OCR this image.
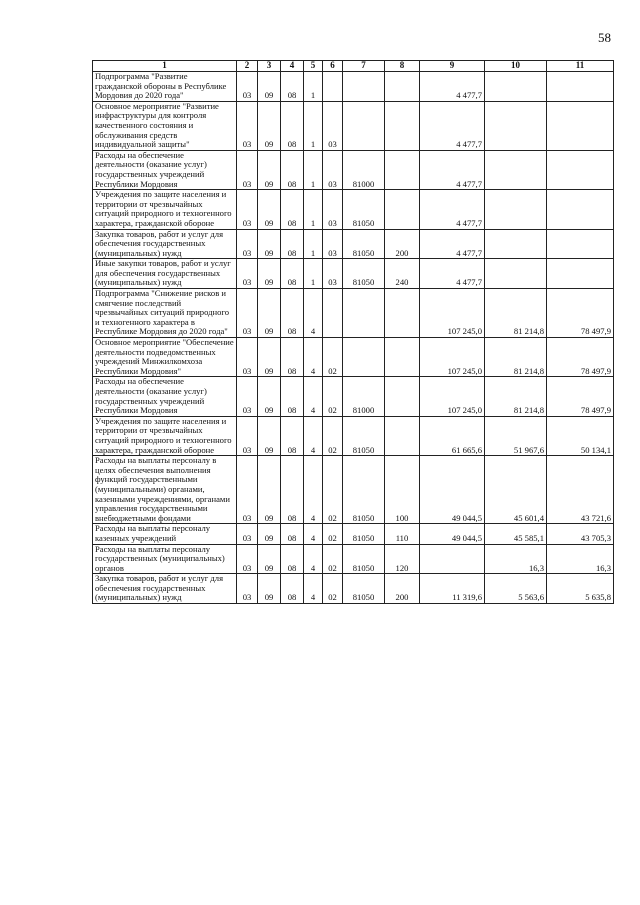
58
1	2	3	4	5	6	7	8	9	10	11
Подпрограмма "Развитие гражданской обороны в Республике Мордовия до 2020 года"	03	09	08	1				4 477,7		
Основное мероприятие "Развитие инфраструктуры для контроля качественного состояния и обслуживания средств индивидуальной защиты"	03	09	08	1	03			4 477,7		
Расходы на обеспечение деятельности (оказание услуг) государственных учреждений Республики Мордовия	03	09	08	1	03	81000		4 477,7		
Учреждения по защите населения и территории от чрезвычайных ситуаций природного и техногенного характера, гражданской обороне	03	09	08	1	03	81050		4 477,7		
Закупка товаров, работ и услуг для обеспечения государственных (муниципальных) нужд	03	09	08	1	03	81050	200	4 477,7		
Иные закупки товаров, работ и услуг для обеспечения государственных (муниципальных) нужд	03	09	08	1	03	81050	240	4 477,7		
Подпрограмма "Снижение рисков и смягчение последствий чрезвычайных ситуаций природного и техногенного характера в Республике Мордовия до 2020 года"	03	09	08	4				107 245,0	81 214,8	78 497,9
Основное мероприятие "Обеспечение деятельности подведомственных учреждений Минжилкомхоза Республики Мордовия"	03	09	08	4	02			107 245,0	81 214,8	78 497,9
Расходы на обеспечение деятельности (оказание услуг) государственных учреждений Республики Мордовия	03	09	08	4	02	81000		107 245,0	81 214,8	78 497,9
Учреждения по защите населения и территории от чрезвычайных ситуаций природного и техногенного характера, гражданской обороне	03	09	08	4	02	81050		61 665,6	51 967,6	50 134,1
Расходы на выплаты персоналу в целях обеспечения выполнения функций государственными (муниципальными) органами, казенными учреждениями, органами управления государственными внебюджетными фондами	03	09	08	4	02	81050	100	49 044,5	45 601,4	43 721,6
Расходы на выплаты персоналу казенных учреждений	03	09	08	4	02	81050	110	49 044,5	45 585,1	43 705,3
Расходы на выплаты персоналу государственных (муниципальных) органов	03	09	08	4	02	81050	120		16,3	16,3
Закупка товаров, работ и услуг для обеспечения государственных (муниципальных) нужд	03	09	08	4	02	81050	200	11 319,6	5 563,6	5 635,8
